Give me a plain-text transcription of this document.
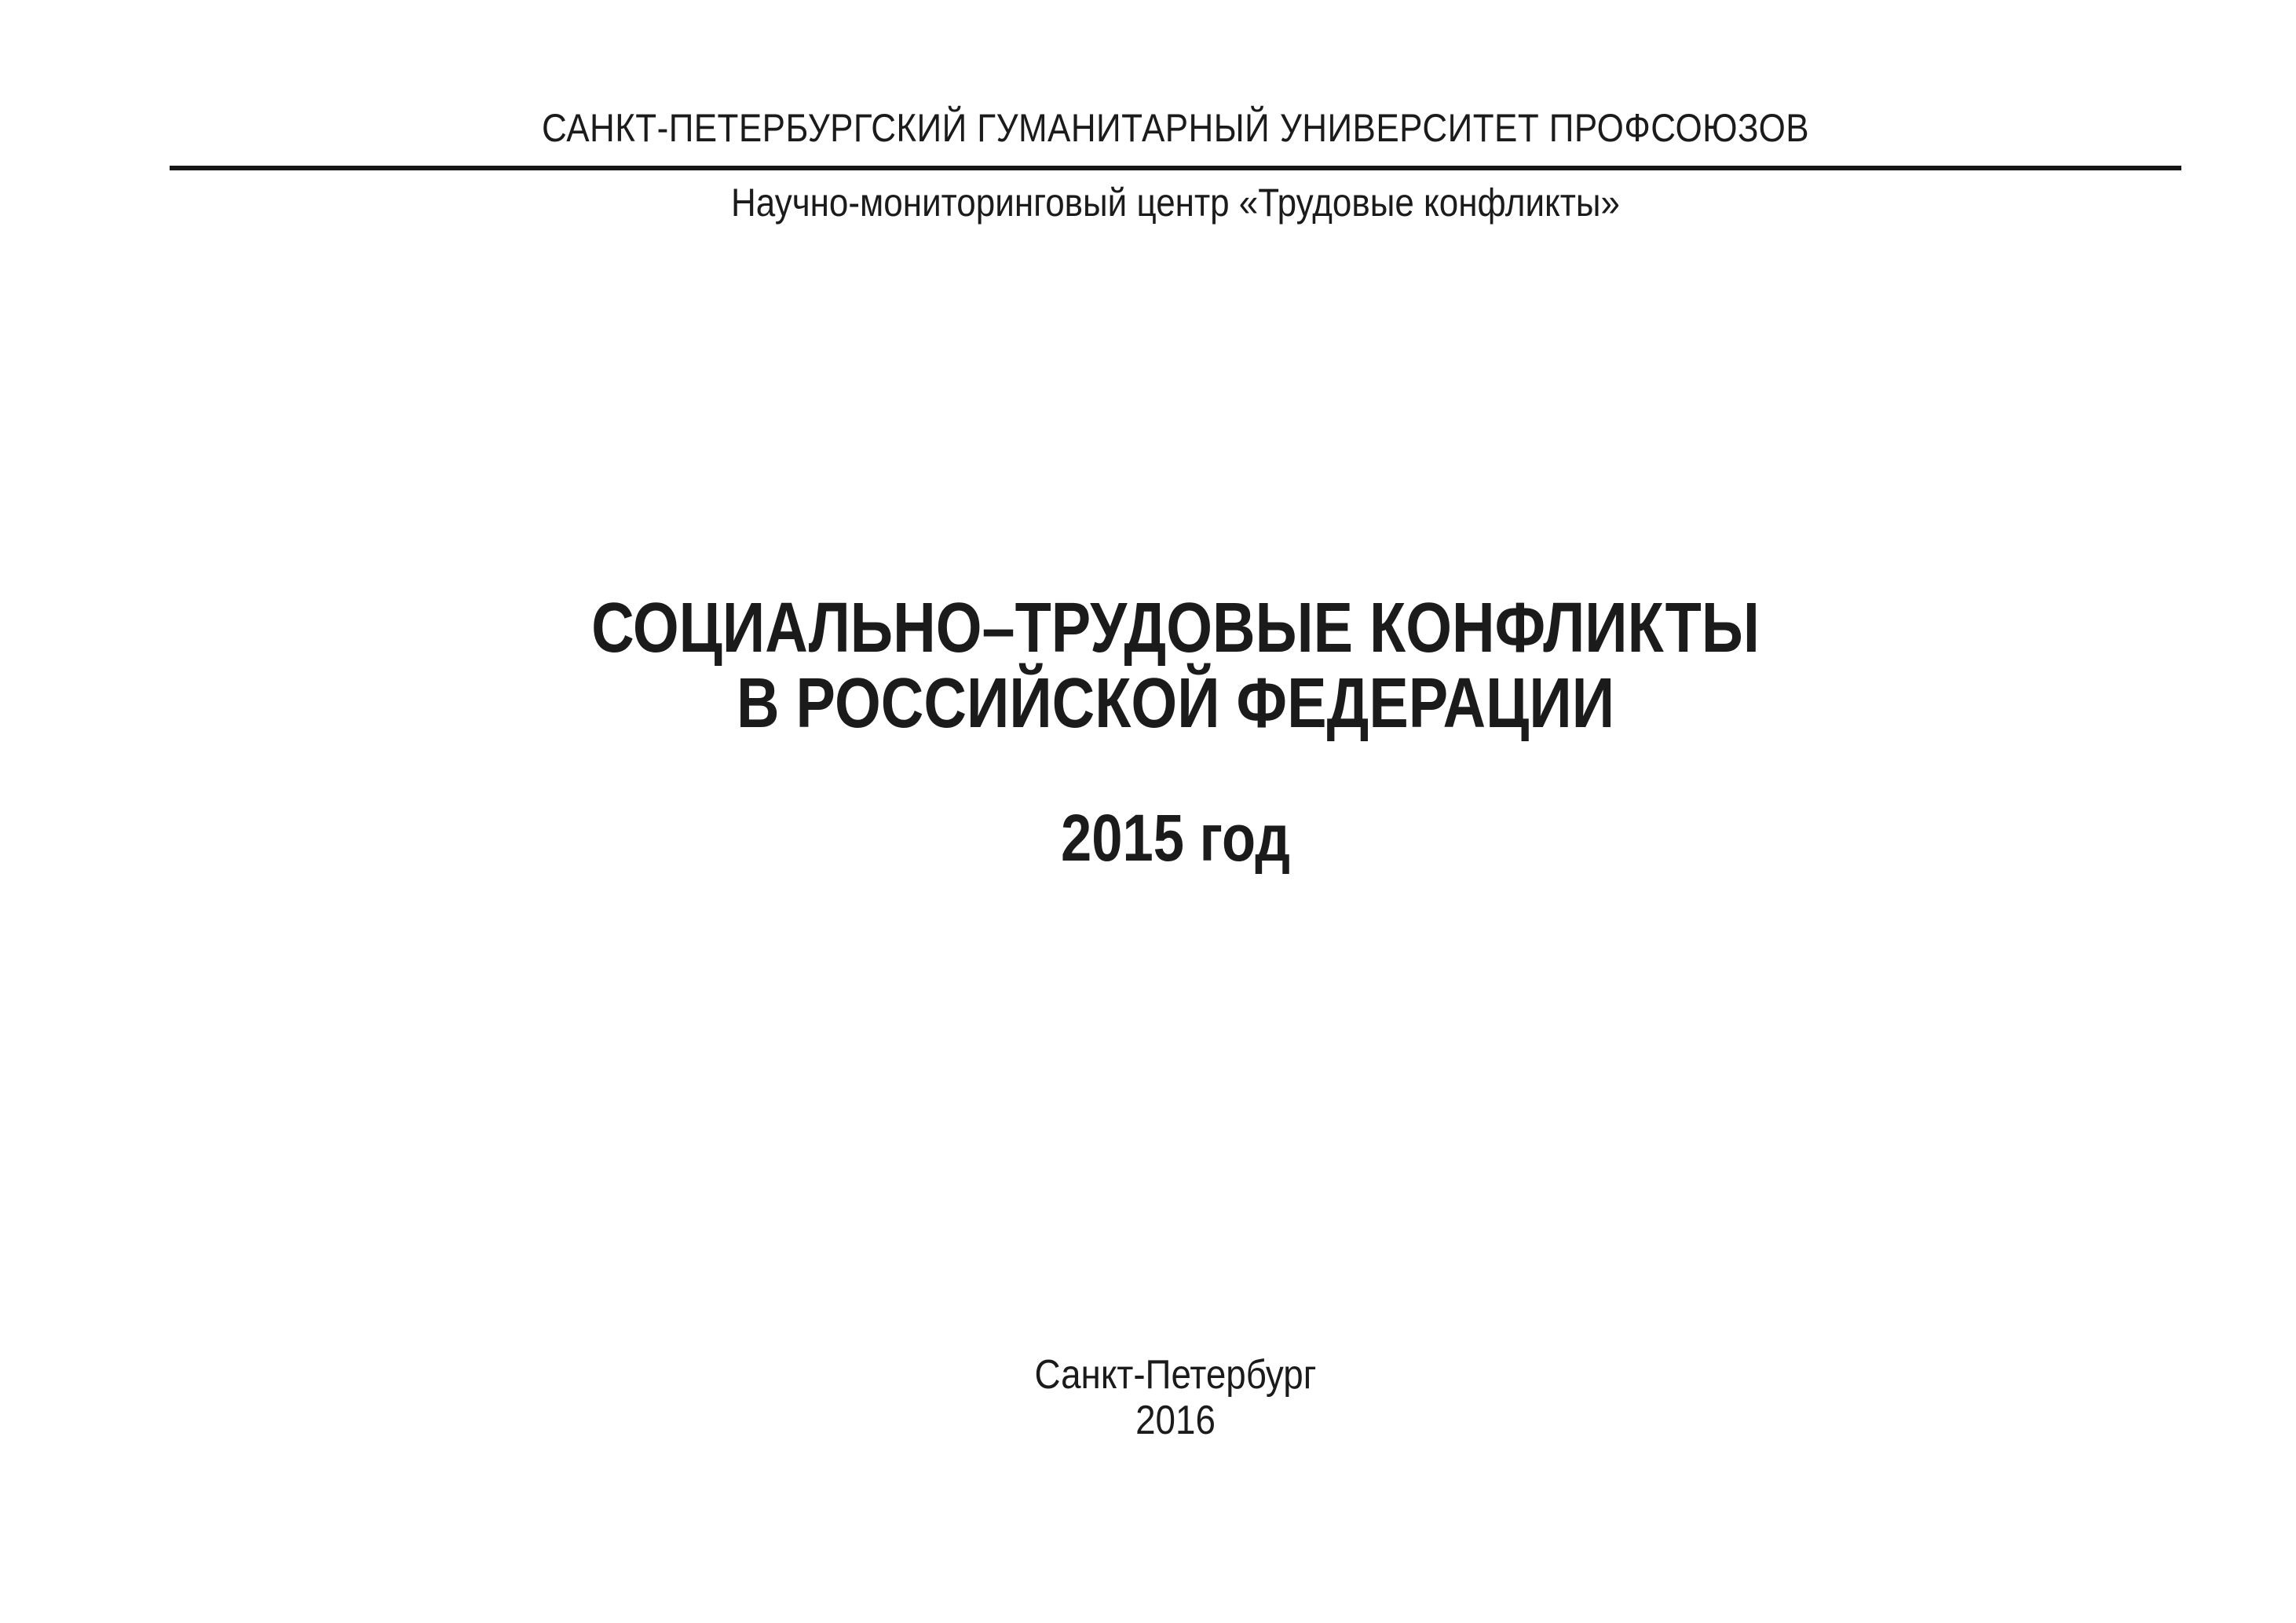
САНКТ-ПЕТЕРБУРГСКИЙ ГУМАНИТАРНЫЙ УНИВЕРСИТЕТ ПРОФСОЮЗОВ
Научно-мониторинговый центр «Трудовые конфликты»
СОЦИАЛЬНО–ТРУДОВЫЕ КОНФЛИКТЫ
В РОССИЙСКОЙ ФЕДЕРАЦИИ
2015 год
Санкт-Петербург
2016
